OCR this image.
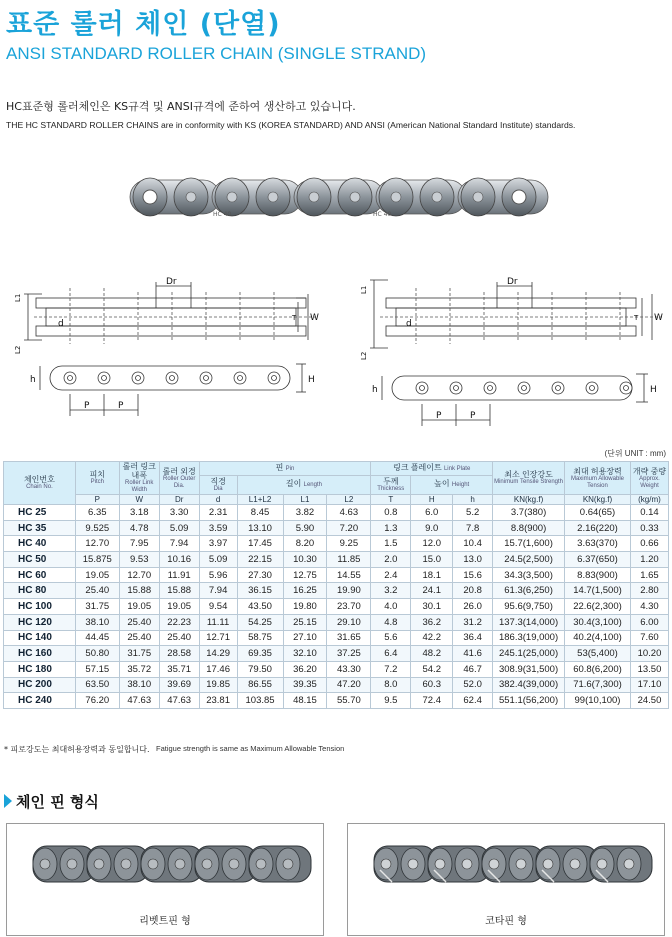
표준 롤러 체인 (단열)
ANSI STANDARD ROLLER CHAIN (SINGLE STRAND)
HC표준형 롤러체인은 KS규격 및 ANSI규격에 준하여 생산하고 있습니다.
THE HC STANDARD ROLLER CHAINS are in conformity with KS (KOREA STANDARD) AND ANSI (American National Standard Institute) standards.
HC 40	HC 40
Dr
d
W
T
L1
L2
h	H
P	P
Dr
d
W
T
L1
L2
h	H
P	P
(단위 UNIT : mm)
체인번호
Chain No.	피치
Pitch	롤러 링크내폭
Roller Link Width	롤러 외경
Roller Outer Dia.	핀 Pin				링크 플레이트 Link Plate			최소 인장강도
Minimum Tensile Strength	최대 허용장력
Maximum Allowable Tension	개략 중량
Approx. Weight

				직경
Dia	길이 Length			두께
Thickness	높이 Height				
	P	W	Dr	d	L1+L2	L1	L2	T	H	h	KN(kg.f)	KN(kg.f)	(kg/m)
HC 25	6.35	3.18	3.30	2.31	8.45	3.82	4.63	0.8	6.0	5.2	3.7(380)	0.64(65)	0.14
HC 35	9.525	4.78	5.09	3.59	13.10	5.90	7.20	1.3	9.0	7.8	8.8(900)	2.16(220)	0.33
HC 40	12.70	7.95	7.94	3.97	17.45	8.20	9.25	1.5	12.0	10.4	15.7(1,600)	3.63(370)	0.66
HC 50	15.875	9.53	10.16	5.09	22.15	10.30	11.85	2.0	15.0	13.0	24.5(2,500)	6.37(650)	1.20
HC 60	19.05	12.70	11.91	5.96	27.30	12.75	14.55	2.4	18.1	15.6	34.3(3,500)	8.83(900)	1.65
HC 80	25.40	15.88	15.88	7.94	36.15	16.25	19.90	3.2	24.1	20.8	61.3(6,250)	14.7(1,500)	2.80
HC 100	31.75	19.05	19.05	9.54	43.50	19.80	23.70	4.0	30.1	26.0	95.6(9,750)	22.6(2,300)	4.30
HC 120	38.10	25.40	22.23	11.11	54.25	25.15	29.10	4.8	36.2	31.2	137.3(14,000)	30.4(3,100)	6.00
HC 140	44.45	25.40	25.40	12.71	58.75	27.10	31.65	5.6	42.2	36.4	186.3(19,000)	40.2(4,100)	7.60
HC 160	50.80	31.75	28.58	14.29	69.35	32.10	37.25	6.4	48.2	41.6	245.1(25,000)	53(5,400)	10.20
HC 180	57.15	35.72	35.71	17.46	79.50	36.20	43.30	7.2	54.2	46.7	308.9(31,500)	60.8(6,200)	13.50
HC 200	63.50	38.10	39.69	19.85	86.55	39.35	47.20	8.0	60.3	52.0	382.4(39,000)	71.6(7,300)	17.10
HC 240	76.20	47.63	47.63	23.81	103.85	48.15	55.70	9.5	72.4	62.4	551.1(56,200)	99(10,100)	24.50
* 피로강도는 최대허용장력과 동일합니다. Fatigue strength is same as Maximum Allowable Tension
체인 핀 형식
리벳트핀 형	코타핀 형
